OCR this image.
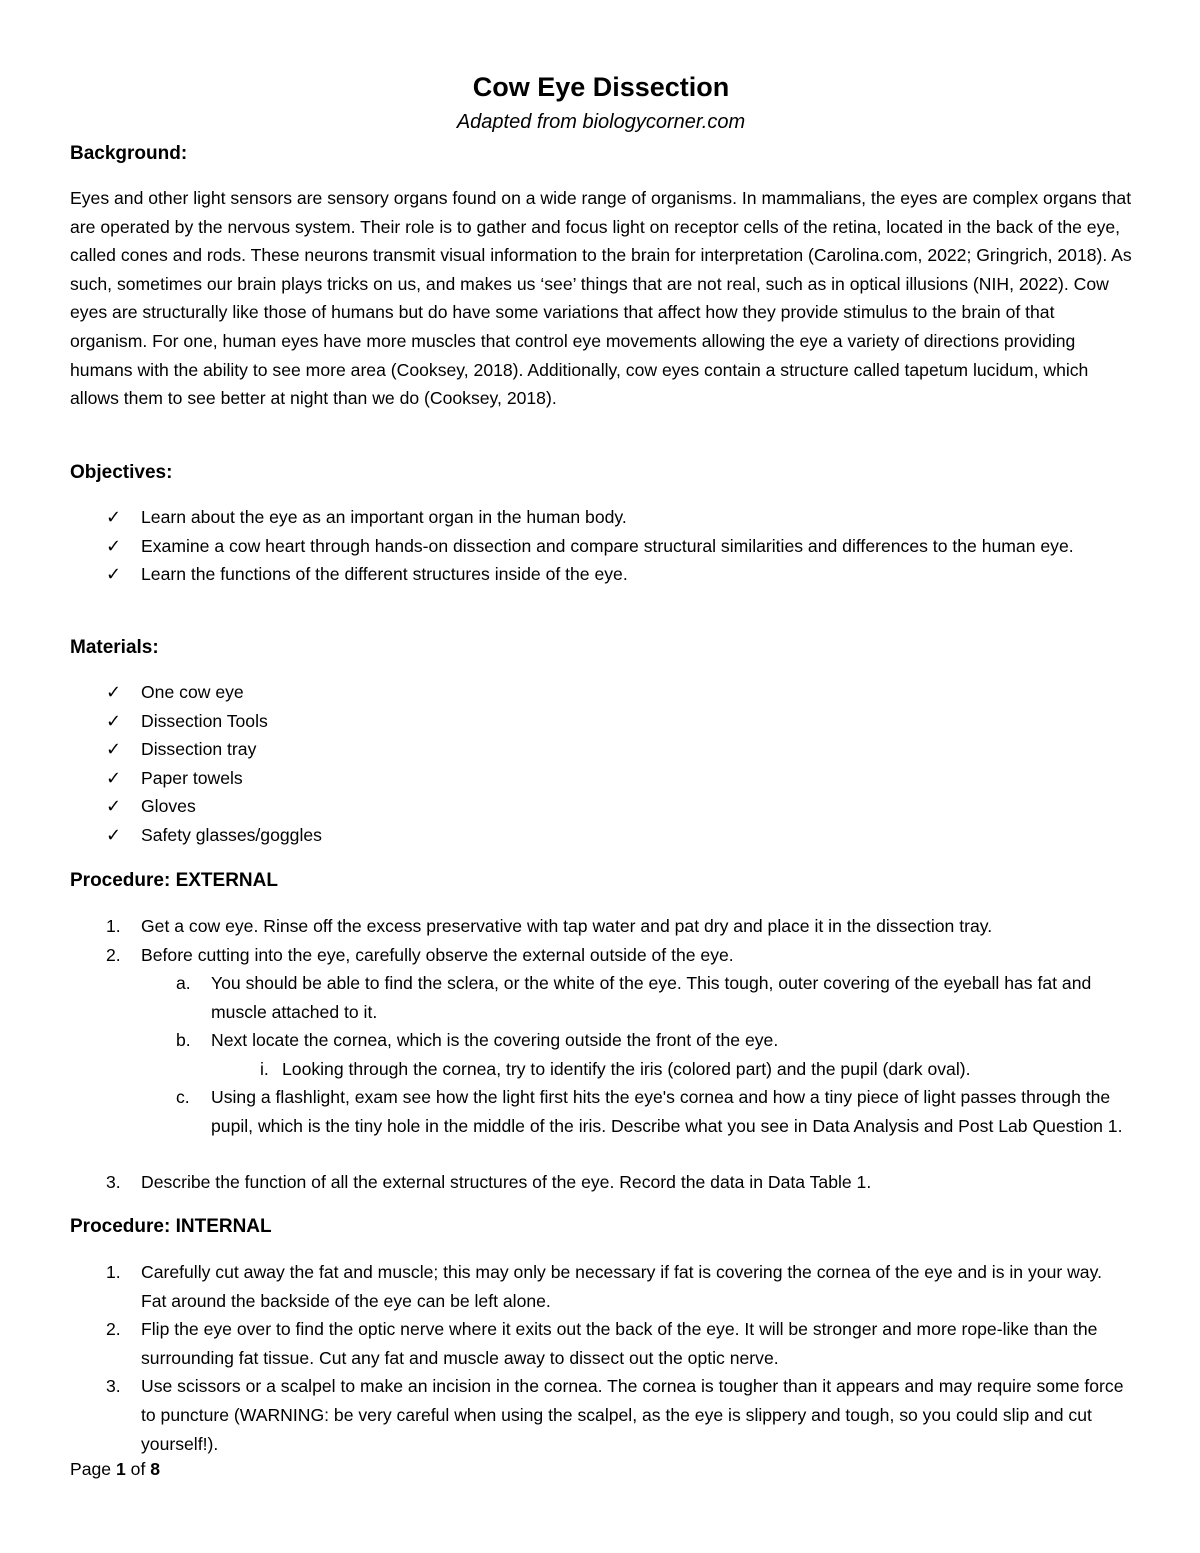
Cow Eye Dissection
Adapted from biologycorner.com
Background:

Eyes and other light sensors are sensory organs found on a wide range of organisms. In mammalians, the eyes are complex organs that are operated by the nervous system. Their role is to gather and focus light on receptor cells of the retina, located in the back of the eye, called cones and rods. These neurons transmit visual information to the brain for interpretation (Carolina.com, 2022; Gringrich, 2018). As such, sometimes our brain plays tricks on us, and makes us ‘see’ things that are not real, such as in optical illusions (NIH, 2022). Cow eyes are structurally like those of humans but do have some variations that affect how they provide stimulus to the brain of that organism. For one, human eyes have more muscles that control eye movements allowing the eye a variety of directions providing humans with the ability to see more area (Cooksey, 2018). Additionally, cow eyes contain a structure called tapetum lucidum, which allows them to see better at night than we do (Cooksey, 2018).

Objectives:
✓ Learn about the eye as an important organ in the human body.
✓ Examine a cow heart through hands-on dissection and compare structural similarities and differences to the human eye.
✓ Learn the functions of the different structures inside of the eye.
Materials:
✓ One cow eye
✓ Dissection Tools
✓ Dissection tray
✓ Paper towels
✓ Gloves
✓ Safety glasses/goggles
Procedure: EXTERNAL
1. Get a cow eye. Rinse off the excess preservative with tap water and pat dry and place it in the dissection tray.
2. Before cutting into the eye, carefully observe the external outside of the eye.
a. You should be able to find the sclera, or the white of the eye. This tough, outer covering of the eyeball has fat and muscle attached to it.
b. Next locate the cornea, which is the covering outside the front of the eye.
i. Looking through the cornea, try to identify the iris (colored part) and the pupil (dark oval).
c. Using a flashlight, exam see how the light first hits the eye's cornea and how a tiny piece of light passes through the pupil, which is the tiny hole in the middle of the iris. Describe what you see in Data Analysis and Post Lab Question 1.
3. Describe the function of all the external structures of the eye. Record the data in Data Table 1.
Procedure: INTERNAL
1. Carefully cut away the fat and muscle; this may only be necessary if fat is covering the cornea of the eye and is in your way. Fat around the backside of the eye can be left alone.
2. Flip the eye over to find the optic nerve where it exits out the back of the eye. It will be stronger and more rope-like than the surrounding fat tissue. Cut any fat and muscle away to dissect out the optic nerve.
3. Use scissors or a scalpel to make an incision in the cornea. The cornea is tougher than it appears and may require some force to puncture (WARNING: be very careful when using the scalpel, as the eye is slippery and tough, so you could slip and cut yourself!).
Page 1 of 8
